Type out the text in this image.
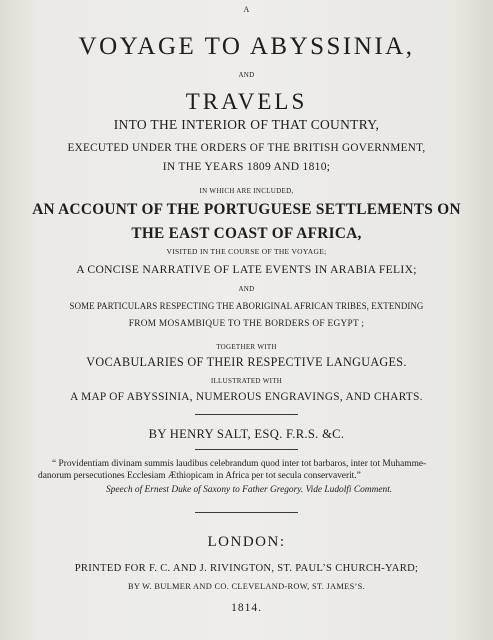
A
VOYAGE TO ABYSSINIA,
AND
TRAVELS
INTO THE INTERIOR OF THAT COUNTRY,
EXECUTED UNDER THE ORDERS OF THE BRITISH GOVERNMENT,
IN THE YEARS 1809 AND 1810;
IN WHICH ARE INCLUDED,
AN ACCOUNT OF THE PORTUGUESE SETTLEMENTS ON
THE EAST COAST OF AFRICA,
VISITED IN THE COURSE OF THE VOYAGE;
A CONCISE NARRATIVE OF LATE EVENTS IN ARABIA FELIX;
AND
SOME PARTICULARS RESPECTING THE ABORIGINAL AFRICAN TRIBES, EXTENDING
FROM MOSAMBIQUE TO THE BORDERS OF EGYPT ;
TOGETHER WITH
VOCABULARIES OF THEIR RESPECTIVE LANGUAGES.
ILLUSTRATED WITH
A MAP OF ABYSSINIA, NUMEROUS ENGRAVINGS, AND CHARTS.
BY HENRY SALT, ESQ. F.R.S. &C.
“ Providentiam divinam summis laudibus celebrandum quod inter tot barbaros, inter tot Muhamme-
danorum persecutiones Ecclesiam Æthiopicam in Africa per tot secula conservaverit.”
Speech of Ernest Duke of Saxony to Father Gregory. Vide Ludolfi Comment.
LONDON:
PRINTED FOR F. C. AND J. RIVINGTON, ST. PAUL’S CHURCH-YARD;
BY W. BULMER AND CO. CLEVELAND-ROW, ST. JAMES’S.
1814.
